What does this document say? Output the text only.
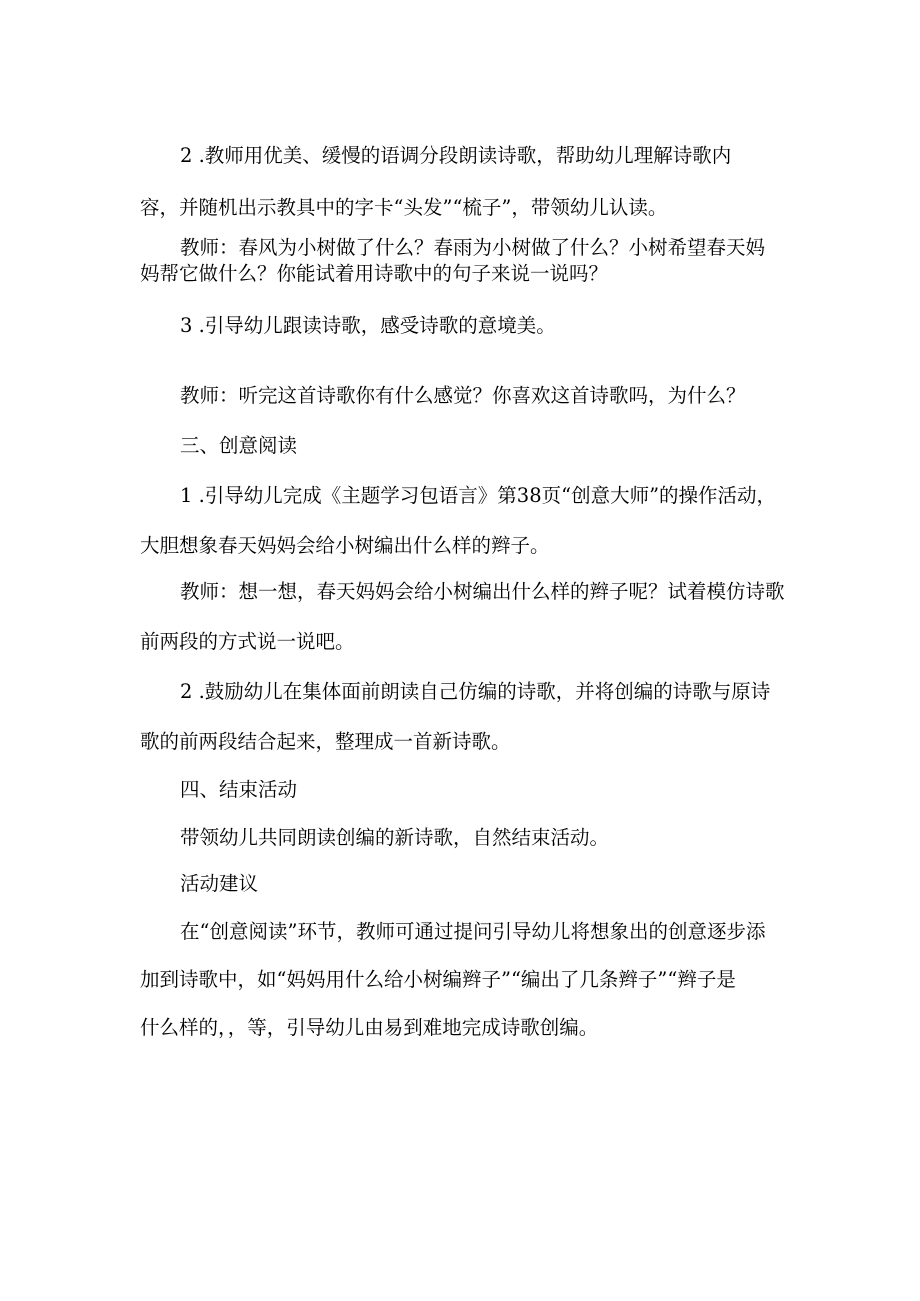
2 .教师用优美、缓慢的语调分段朗读诗歌，帮助幼儿理解诗歌内
容，并随机出示教具中的字卡“头发”“梳子”，带领幼儿认读。
教师：春风为小树做了什么？春雨为小树做了什么？小树希望春天妈
妈帮它做什么？你能试着用诗歌中的句子来说一说吗？
3 .引导幼儿跟读诗歌，感受诗歌的意境美。
教师：听完这首诗歌你有什么感觉？你喜欢这首诗歌吗，为什么？
三、创意阅读
1 .引导幼儿完成《主题学习包语言》第38页“创意大师”的操作活动，
大胆想象春天妈妈会给小树编出什么样的辫子。
教师：想一想，春天妈妈会给小树编出什么样的辫子呢？试着模仿诗歌
前两段的方式说一说吧。
2 .鼓励幼儿在集体面前朗读自己仿编的诗歌，并将创编的诗歌与原诗
歌的前两段结合起来，整理成一首新诗歌。
四、结束活动
带领幼儿共同朗读创编的新诗歌，自然结束活动。
活动建议
在“创意阅读”环节，教师可通过提问引导幼儿将想象出的创意逐步添
加到诗歌中，如“妈妈用什么给小树编辫子”“编出了几条辫子”“辫子是
什么样的，，等，引导幼儿由易到难地完成诗歌创编。
